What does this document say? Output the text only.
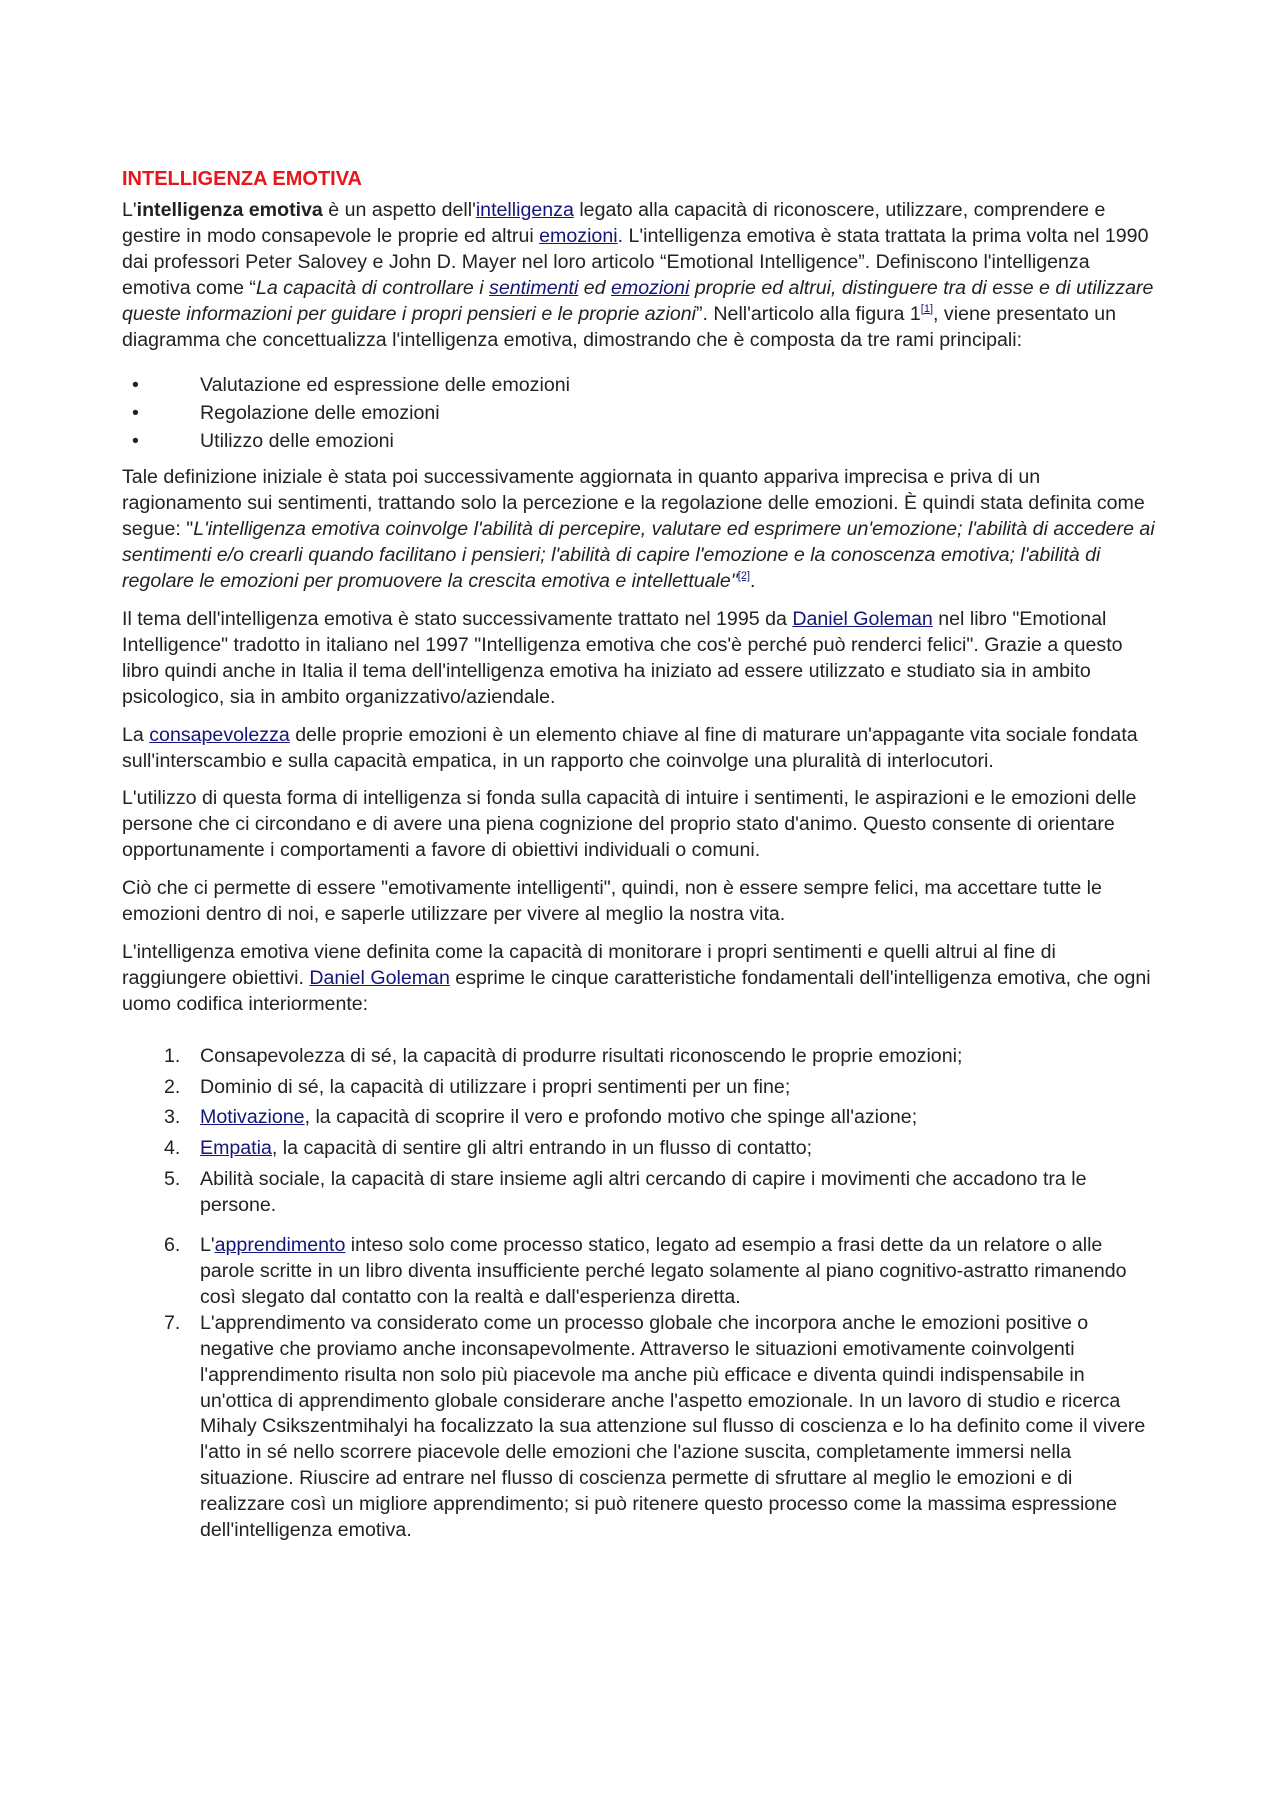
INTELLIGENZA EMOTIVA

L'intelligenza emotiva è un aspetto dell'intelligenza legato alla capacità di riconoscere, utilizzare, comprendere e gestire in modo consapevole le proprie ed altrui emozioni. L'intelligenza emotiva è stata trattata la prima volta nel 1990 dai professori Peter Salovey e John D. Mayer nel loro articolo “Emotional Intelligence”. Definiscono l'intelligenza emotiva come “La capacità di controllare i sentimenti ed emozioni proprie ed altrui, distinguere tra di esse e di utilizzare queste informazioni per guidare i propri pensieri e le proprie azioni”. Nell'articolo alla figura 1[1], viene presentato un diagramma che concettualizza l'intelligenza emotiva, dimostrando che è composta da tre rami principali:

•	Valutazione ed espressione delle emozioni
•	Regolazione delle emozioni
•	Utilizzo delle emozioni

Tale definizione iniziale è stata poi successivamente aggiornata in quanto appariva imprecisa e priva di un ragionamento sui sentimenti, trattando solo la percezione e la regolazione delle emozioni. È quindi stata definita come segue: "L'intelligenza emotiva coinvolge l'abilità di percepire, valutare ed esprimere un'emozione; l'abilità di accedere ai sentimenti e/o crearli quando facilitano i pensieri; l'abilità di capire l'emozione e la conoscenza emotiva; l'abilità di regolare le emozioni per promuovere la crescita emotiva e intellettuale"[2].

Il tema dell'intelligenza emotiva è stato successivamente trattato nel 1995 da Daniel Goleman nel libro "Emotional Intelligence" tradotto in italiano nel 1997 "Intelligenza emotiva che cos'è perché può renderci felici". Grazie a questo libro quindi anche in Italia il tema dell'intelligenza emotiva ha iniziato ad essere utilizzato e studiato sia in ambito psicologico, sia in ambito organizzativo/aziendale.

La consapevolezza delle proprie emozioni è un elemento chiave al fine di maturare un'appagante vita sociale fondata sull'interscambio e sulla capacità empatica, in un rapporto che coinvolge una pluralità di interlocutori.

L'utilizzo di questa forma di intelligenza si fonda sulla capacità di intuire i sentimenti, le aspirazioni e le emozioni delle persone che ci circondano e di avere una piena cognizione del proprio stato d'animo. Questo consente di orientare opportunamente i comportamenti a favore di obiettivi individuali o comuni.

Ciò che ci permette di essere "emotivamente intelligenti", quindi, non è essere sempre felici, ma accettare tutte le emozioni dentro di noi, e saperle utilizzare per vivere al meglio la nostra vita.

L'intelligenza emotiva viene definita come la capacità di monitorare i propri sentimenti e quelli altrui al fine di raggiungere obiettivi. Daniel Goleman esprime le cinque caratteristiche fondamentali dell'intelligenza emotiva, che ogni uomo codifica interiormente:

1. Consapevolezza di sé, la capacità di produrre risultati riconoscendo le proprie emozioni;
2. Dominio di sé, la capacità di utilizzare i propri sentimenti per un fine;
3. Motivazione, la capacità di scoprire il vero e profondo motivo che spinge all'azione;
4. Empatia, la capacità di sentire gli altri entrando in un flusso di contatto;
5. Abilità sociale, la capacità di stare insieme agli altri cercando di capire i movimenti che accadono tra le persone.
6. L'apprendimento inteso solo come processo statico, legato ad esempio a frasi dette da un relatore o alle parole scritte in un libro diventa insufficiente perché legato solamente al piano cognitivo-astratto rimanendo così slegato dal contatto con la realtà e dall'esperienza diretta.
7. L'apprendimento va considerato come un processo globale che incorpora anche le emozioni positive o negative che proviamo anche inconsapevolmente. Attraverso le situazioni emotivamente coinvolgenti l'apprendimento risulta non solo più piacevole ma anche più efficace e diventa quindi indispensabile in un'ottica di apprendimento globale considerare anche l'aspetto emozionale. In un lavoro di studio e ricerca Mihaly Csikszentmihalyi ha focalizzato la sua attenzione sul flusso di coscienza e lo ha definito come il vivere l'atto in sé nello scorrere piacevole delle emozioni che l'azione suscita, completamente immersi nella situazione. Riuscire ad entrare nel flusso di coscienza permette di sfruttare al meglio le emozioni e di realizzare così un migliore apprendimento; si può ritenere questo processo come la massima espressione dell'intelligenza emotiva.
